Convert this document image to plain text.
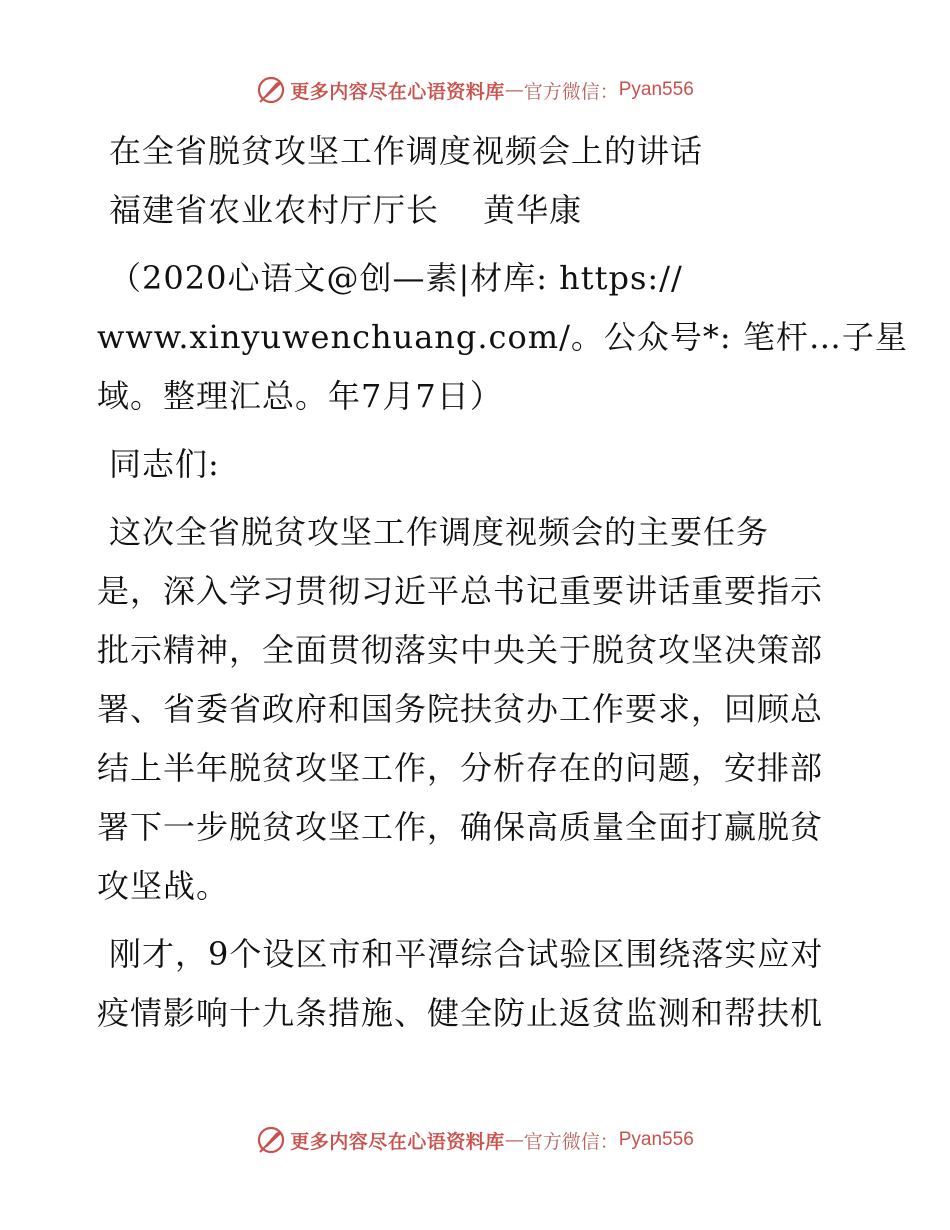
更多内容尽在心语资料库 — 官方微信： Pyan556
在全省脱贫攻坚工作调度视频会上的讲话
福建省农业农村厅厅长　 黄华康
（2020心语文@创—素|材库: https://
www.xinyuwenchuang.com/。公众号*: 笔杆…子星
域。整理汇总。年7月7日）
同志们:
这次全省脱贫攻坚工作调度视频会的主要任务
是，深入学习贯彻习近平总书记重要讲话重要指示
批示精神，全面贯彻落实中央关于脱贫攻坚决策部
署、省委省政府和国务院扶贫办工作要求，回顾总
结上半年脱贫攻坚工作，分析存在的问题，安排部
署下一步脱贫攻坚工作，确保高质量全面打赢脱贫
攻坚战。
刚才，9个设区市和平潭综合试验区围绕落实应对
疫情影响十九条措施、健全防止返贫监测和帮扶机
更多内容尽在心语资料库 — 官方微信： Pyan556
